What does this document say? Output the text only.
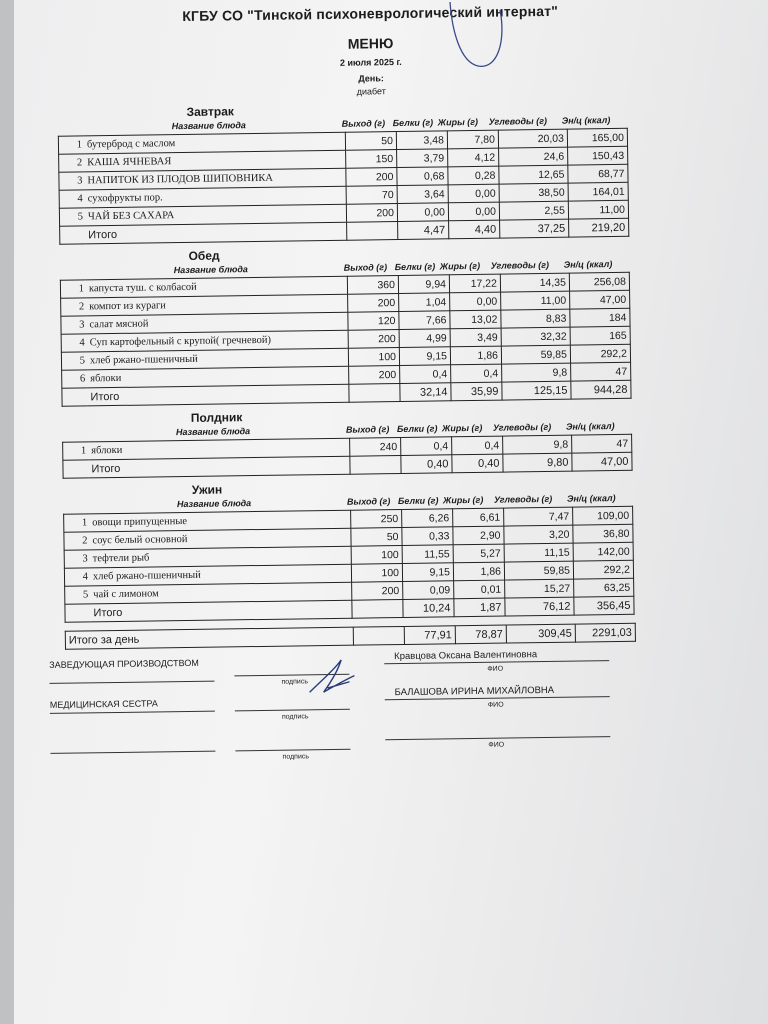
КГБУ СО "Тинской психоневрологический интернат"
МЕНЮ
2 июля 2025 г.
День:
диабет
Завтрак
Название блюда	Выход (г) Белки (г) Жиры (г) Углеводы (г) Эн/ц (ккал)
1	бутерброд с маслом	50	3,48	7,80	20,03	165,00
2	КАША ЯЧНЕВАЯ	150	3,79	4,12	24,6	150,43
3	НАПИТОК ИЗ ПЛОДОВ ШИПОВНИКА	200	0,68	0,28	12,65	68,77
4	сухофрукты пор.	70	3,64	0,00	38,50	164,01
5	ЧАЙ БЕЗ САХАРА	200	0,00	0,00	2,55	11,00
	Итого		4,47	4,40	37,25	219,20
Обед
Название блюда	Выход (г) Белки (г) Жиры (г) Углеводы (г) Эн/ц (ккал)
1	капуста туш. с колбасой	360	9,94	17,22	14,35	256,08
2	компот из кураги	200	1,04	0,00	11,00	47,00
3	салат мясной	120	7,66	13,02	8,83	184
4	Суп картофельный с крупой( гречневой)	200	4,99	3,49	32,32	165
5	хлеб ржано-пшеничный	100	9,15	1,86	59,85	292,2
6	яблоки	200	0,4	0,4	9,8	47
	Итого		32,14	35,99	125,15	944,28
Полдник
Название блюда	Выход (г) Белки (г) Жиры (г) Углеводы (г) Эн/ц (ккал)
1	яблоки	240	0,4	0,4	9,8	47
	Итого		0,40	0,40	9,80	47,00
Ужин
Название блюда	Выход (г) Белки (г) Жиры (г) Углеводы (г) Эн/ц (ккал)
1	овощи припущенные	250	6,26	6,61	7,47	109,00
2	соус белый основной	50	0,33	2,90	3,20	36,80
3	тефтели рыб	100	11,55	5,27	11,15	142,00
4	хлеб ржано-пшеничный	100	9,15	1,86	59,85	292,2
5	чай с лимоном	200	0,09	0,01	15,27	63,25
	Итого		10,24	1,87	76,12	356,45
Итого за день		77,91	78,87	309,45	2291,03
ЗАВЕДУЮЩАЯ ПРОИЗВОДСТВОМ
подпись
Кравцова Оксана Валентиновна
ФИО
МЕДИЦИНСКАЯ СЕСТРА
подпись
БАЛАШОВА ИРИНА МИХАЙЛОВНА
ФИО
подпись
ФИО
